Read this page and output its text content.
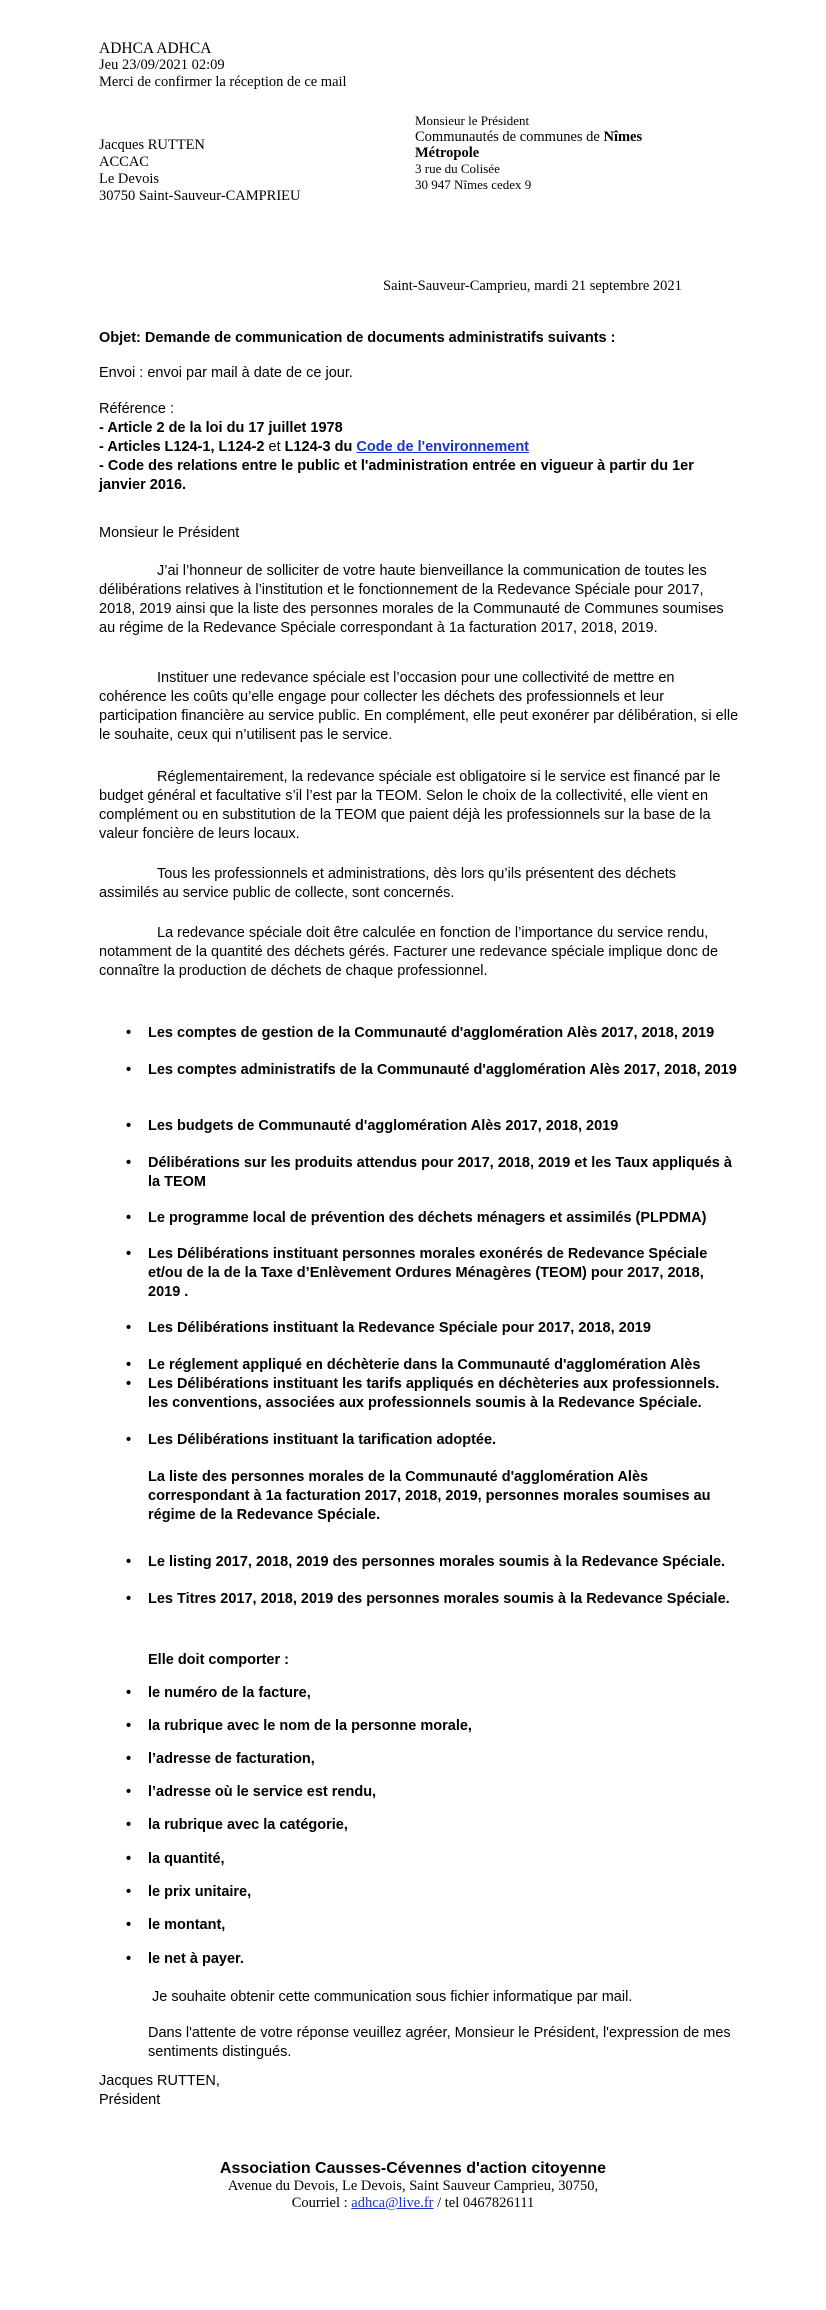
ADHCA ADHCA
Jeu 23/09/2021 02:09
Merci de confirmer la réception de ce mail
Jacques RUTTEN
ACCAC
Le Devois
30750 Saint-Sauveur-CAMPRIEU
Monsieur le Président
Communautés de communes de Nîmes
Métropole
3 rue du Colisée
30 947 Nîmes cedex 9
Saint-Sauveur-Camprieu, mardi 21 septembre 2021
Objet: Demande de communication de documents administratifs suivants :
Envoi : envoi par mail à date de ce jour.

Référence :

- Article 2 de la loi du 17 juillet 1978

- Articles L124-1, L124-2 et L124-3 du Code de l'environnement

- Code des relations entre le public et l'administration entrée en vigueur à partir du 1er janvier 2016.

Monsieur le Président

J’ai l’honneur de solliciter de votre haute bienveillance la communication de toutes les délibérations relatives à l’institution et le fonctionnement de la Redevance Spéciale pour 2017, 2018, 2019 ainsi que la liste des personnes morales de la Communauté de Communes soumises au régime de la Redevance Spéciale correspondant à 1a facturation 2017, 2018, 2019.

Instituer une redevance spéciale est l’occasion pour une collectivité de mettre en cohérence les coûts qu’elle engage pour collecter les déchets des professionnels et leur participation financière au service public. En complément, elle peut exonérer par délibération, si elle le souhaite, ceux qui n’utilisent pas le service.

Réglementairement, la redevance spéciale est obligatoire si le service est financé par le budget général et facultative s’il l’est par la TEOM. Selon le choix de la collectivité, elle vient en complément ou en substitution de la TEOM que paient déjà les professionnels sur la base de la valeur foncière de leurs locaux.

Tous les professionnels et administrations, dès lors qu’ils présentent des déchets assimilés au service public de collecte, sont concernés.

La redevance spéciale doit être calculée en fonction de l’importance du service rendu, notamment de la quantité des déchets gérés. Facturer une redevance spéciale implique donc de connaître la production de déchets de chaque professionnel.

• Les comptes de gestion de la Communauté d'agglomération Alès 2017, 2018, 2019
• Les comptes administratifs de la Communauté d'agglomération Alès 2017, 2018, 2019
• Les budgets de Communauté d'agglomération Alès 2017, 2018, 2019
• Délibérations sur les produits attendus pour 2017, 2018, 2019 et les Taux appliqués à la TEOM
• Le programme local de prévention des déchets ménagers et assimilés (PLPDMA)
• Les Délibérations instituant personnes morales exonérés de Redevance Spéciale et/ou de la de la Taxe d’Enlèvement Ordures Ménagères (TEOM) pour 2017, 2018, 2019 .
• Les Délibérations instituant la Redevance Spéciale pour 2017, 2018, 2019
• Le réglement appliqué en déchèterie dans la Communauté d'agglomération Alès
• Les Délibérations instituant les tarifs appliqués en déchèteries aux professionnels. les conventions, associées aux professionnels soumis à la Redevance Spéciale.
• Les Délibérations instituant la tarification adoptée.
La liste des personnes morales de la Communauté d'agglomération Alès correspondant à 1a facturation 2017, 2018, 2019, personnes morales soumises au régime de la Redevance Spéciale.
• Le listing 2017, 2018, 2019 des personnes morales soumis à la Redevance Spéciale.
• Les Titres 2017, 2018, 2019 des personnes morales soumis à la Redevance Spéciale.
Elle doit comporter :
• le numéro de la facture,
• la rubrique avec le nom de la personne morale,
• l’adresse de facturation,
• l’adresse où le service est rendu,
• la rubrique avec la catégorie,
• la quantité,
• le prix unitaire,
• le montant,
• le net à payer.
Je souhaite obtenir cette communication sous fichier informatique par mail.
Dans l'attente de votre réponse veuillez agréer, Monsieur le Président, l'expression de mes sentiments distingués.

Jacques RUTTEN,

Président

Association Causses-Cévennes d'action citoyenne
Avenue du Devois, Le Devois, Saint Sauveur Camprieu, 30750,
Courriel : adhca@live.fr / tel 0467826111
